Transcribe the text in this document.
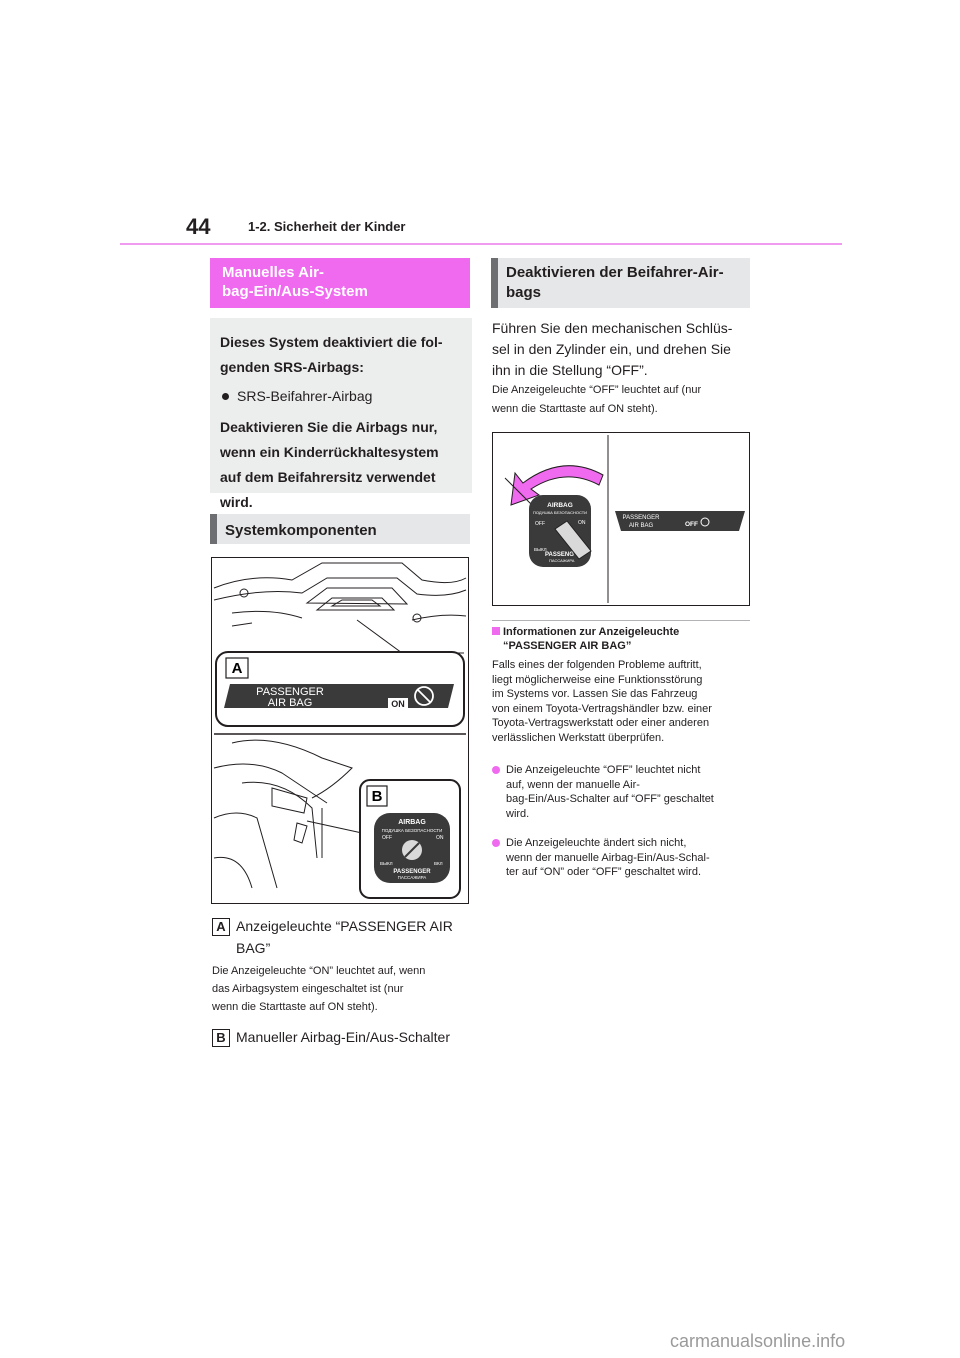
44	1-2. Sicherheit der Kinder
Manuelles Air-
bag-Ein/Aus-System

Dieses System deaktiviert die fol-

genden SRS-Airbags:

SRS-Beifahrer-Airbag

Deaktivieren Sie die Airbags nur,

wenn ein Kinderrückhaltesystem

auf dem Beifahrersitz verwendet

wird.

Systemkomponenten
A
PASSENGER
AIR BAG	ON
B
AIRBAG
ПОДУШКА БЕЗОПАСНОСТИ
OFF	ON
ВЫКЛ	ВКЛ
PASSENGER
ПАССАЖИРА
A Anzeigeleuchte “PASSENGER AIR
BAG”
Die Anzeigeleuchte “ON” leuchtet auf, wenn
das Airbagsystem eingeschaltet ist (nur
wenn die Starttaste auf ON steht).
B Manueller Airbag-Ein/Aus-Schalter
Deaktivieren der Beifahrer-Air-
bags
Führen Sie den mechanischen Schlüs-
sel in den Zylinder ein, und drehen Sie
ihn in die Stellung “OFF”.
Die Anzeigeleuchte “OFF” leuchtet auf (nur
wenn die Starttaste auf ON steht).
AIRBAG
ПОДУШКА БЕЗОПАСНОСТИ
OFF	ON
ВЫКЛ
PASSENG
ПАССАЖИРА
PASSENGER
AIR BAG	OFF
Informationen zur Anzeigeleuchte
“PASSENGER AIR BAG”
Falls eines der folgenden Probleme auftritt,
liegt möglicherweise eine Funktionsstörung
im Systems vor. Lassen Sie das Fahrzeug
von einem Toyota-Vertragshändler bzw. einer
Toyota-Vertragswerkstatt oder einer anderen
verlässlichen Werkstatt überprüfen.
Die Anzeigeleuchte “OFF” leuchtet nicht
auf, wenn der manuelle Air-
bag-Ein/Aus-Schalter auf “OFF” geschaltet
wird.
Die Anzeigeleuchte ändert sich nicht,
wenn der manuelle Airbag-Ein/Aus-Schal-
ter auf “ON” oder “OFF” geschaltet wird.
carmanualsonline.info
